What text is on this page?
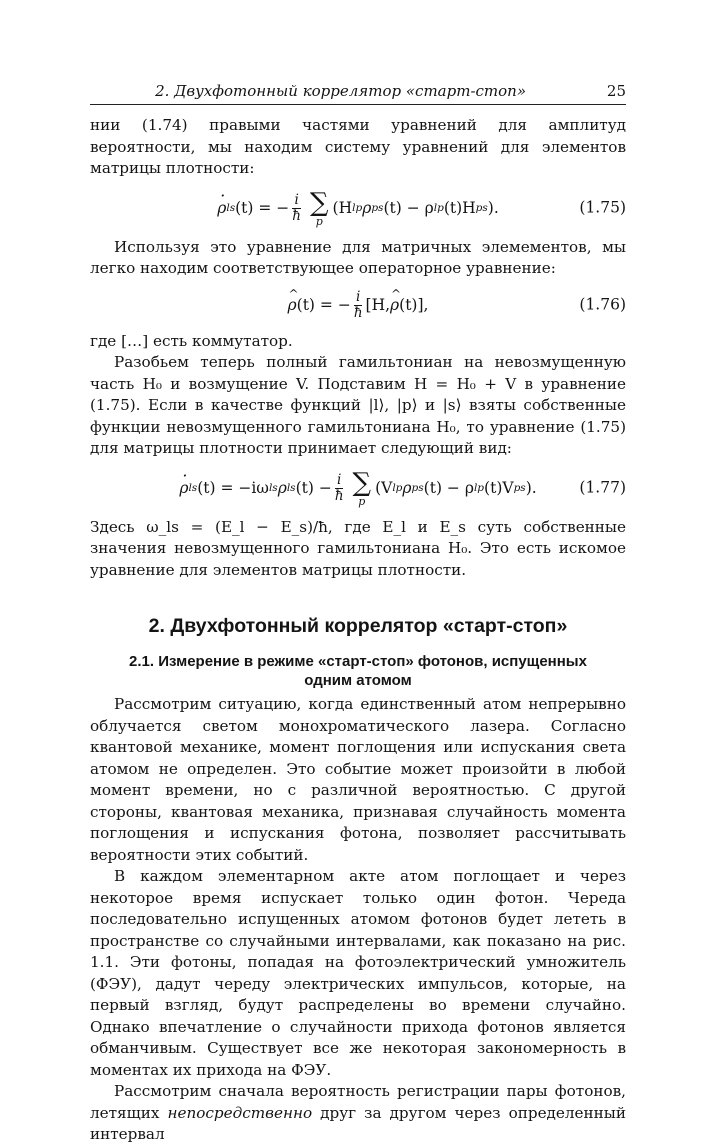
2. Двухфотонный коррелятор «старт-стоп»	25

нии (1.74) правыми частями уравнений для амплитуд вероятности, мы находим систему уравнений для элементов матрицы плотности:

ρ · ls (t) = − $\frac{i}{ħ}$ ∑
p
(H lp ρ ps (t) − ρ lp (t)H ps ).	(1.75)

Используя это уравнение для матричных элемементов, мы легко находим соответствующее операторное уравнение:

^ ρ (t) = − $\frac{i}{ħ} [H$, ^ ρ (t)],	(1.76)

где […] есть коммутатор.

Разобьем теперь полный гамильтониан на невозмущенную часть H₀ и возмущение V. Подставим H = H₀ + V в уравнение (1.75). Если в качестве функций |l⟩, |p⟩ и |s⟩ взяты собственные функции невозмущенного гамильтониана H₀, то уравнение (1.75) для матрицы плотности принимает следующий вид:

ρ · ls (t) = −iω ls ρ ls $(t) - \frac{i}{ħ}$ ∑
p
(V lp ρ ps (t) − ρ lp (t)V ps ).	(1.77)

Здесь ω_ls = (E_l − E_s)/ħ, где E_l и E_s суть собственные значения невозмущенного гамильтониана H₀. Это есть искомое уравнение для элементов матрицы плотности.

2. Двухфотонный коррелятор «старт-стоп»
2.1. Измерение в режиме «старт-стоп» фотонов, испущенных
одним атомом

Рассмотрим ситуацию, когда единственный атом непрерывно облучается светом монохроматического лазера. Согласно квантовой механике, момент поглощения или испускания света атомом не определен. Это событие может произойти в любой момент времени, но с различной вероятностью. С другой стороны, квантовая механика, признавая случайность момента поглощения и испускания фотона, позволяет рассчитывать вероятности этих событий.

В каждом элементарном акте атом поглощает и через некоторое время испускает только один фотон. Череда последовательно испущенных атомом фотонов будет лететь в пространстве со случайными интервалами, как показано на рис. 1.1. Эти фотоны, попадая на фотоэлектрический умножитель (ФЭУ), дадут череду электрических импульсов, которые, на первый взгляд, будут распределены во времени случайно. Однако впечатление о случайности прихода фотонов является обманчивым. Существует все же некоторая закономерность в моментах их прихода на ФЭУ.

Рассмотрим сначала вероятность регистрации пары фотонов, летящих непосредственно друг за другом через определенный интервал
